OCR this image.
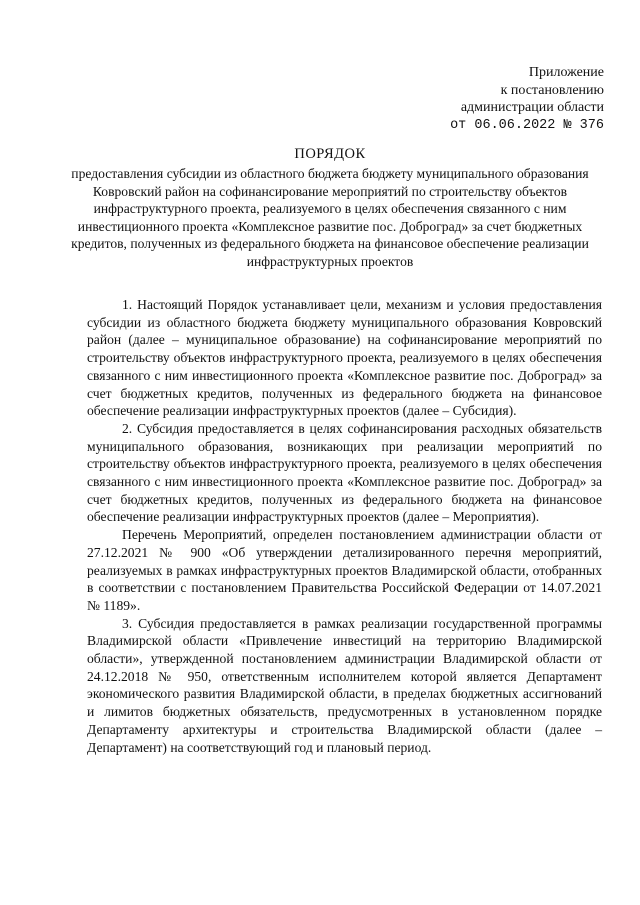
Приложение
к постановлению
администрации области
от 06.06.2022 № 376
ПОРЯДОК
предоставления субсидии из областного бюджета бюджету муниципального образования Ковровский район на софинансирование мероприятий по строительству объектов инфраструктурного проекта, реализуемого в целях обеспечения связанного с ним инвестиционного проекта «Комплексное развитие пос. Доброград» за счет бюджетных кредитов, полученных из федерального бюджета на финансовое обеспечение реализации инфраструктурных проектов

1. Настоящий Порядок устанавливает цели, механизм и условия предоставления субсидии из областного бюджета бюджету муниципального образования Ковровский район (далее – муниципальное образование) на софинансирование мероприятий по строительству объектов инфраструктурного проекта, реализуемого в целях обеспечения связанного с ним инвестиционного проекта «Комплексное развитие пос. Доброград» за счет бюджетных кредитов, полученных из федерального бюджета на финансовое обеспечение реализации инфраструктурных проектов (далее – Субсидия).

2. Субсидия предоставляется в целях софинансирования расходных обязательств муниципального образования, возникающих при реализации мероприятий по строительству объектов инфраструктурного проекта, реализуемого в целях обеспечения связанного с ним инвестиционного проекта «Комплексное развитие пос. Доброград» за счет бюджетных кредитов, полученных из федерального бюджета на финансовое обеспечение реализации инфраструктурных проектов (далее – Мероприятия).

Перечень Мероприятий, определен постановлением администрации области от 27.12.2021 № 900 «Об утверждении детализированного перечня мероприятий, реализуемых в рамках инфраструктурных проектов Владимирской области, отобранных в соответствии с постановлением Правительства Российской Федерации от 14.07.2021 № 1189».

3. Субсидия предоставляется в рамках реализации государственной программы Владимирской области «Привлечение инвестиций на территорию Владимирской области», утвержденной постановлением администрации Владимирской области от 24.12.2018 № 950, ответственным исполнителем которой является Департамент экономического развития Владимирской области, в пределах бюджетных ассигнований и лимитов бюджетных обязательств, предусмотренных в установленном порядке Департаменту архитектуры и строительства Владимирской области (далее – Департамент) на соответствующий год и плановый период.
